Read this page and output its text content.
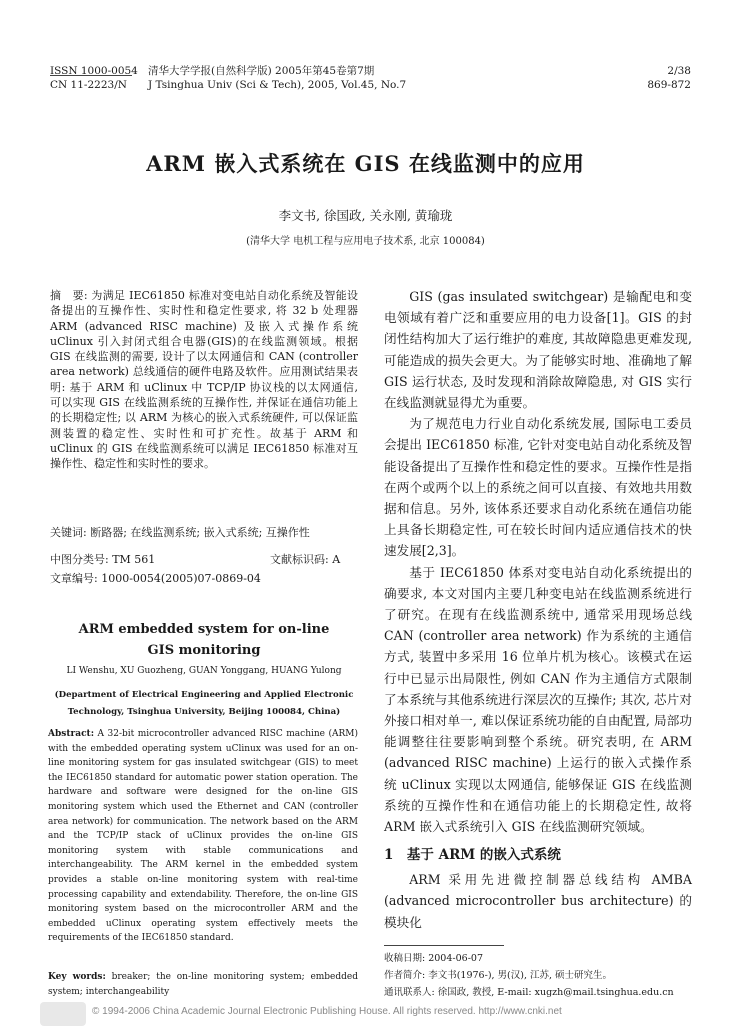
ISSN 1000-0054
CN 11-2223/N
清华大学学报(自然科学版) 2005年第45卷第7期
J Tsinghua Univ (Sci & Tech), 2005, Vol.45, No.7
2/38
869-872
ARM 嵌入式系统在 GIS 在线监测中的应用
李文书, 徐国政, 关永刚, 黄瑜珑
(清华大学 电机工程与应用电子技术系, 北京 100084)
摘　要: 为满足 IEC61850 标准对变电站自动化系统及智能设备提出的互操作性、实时性和稳定性要求, 将 32 b 处理器 ARM (advanced RISC machine) 及嵌入式操作系统 uClinux 引入封闭式组合电器(GIS)的在线监测领域。根据 GIS 在线监测的需要, 设计了以太网通信和 CAN (controller area network) 总线通信的硬件电路及软件。应用测试结果表明: 基于 ARM 和 uClinux 中 TCP/IP 协议栈的以太网通信, 可以实现 GIS 在线监测系统的互操作性, 并保证在通信功能上的长期稳定性; 以 ARM 为核心的嵌入式系统硬件, 可以保证监测装置的稳定性、实时性和可扩充性。故基于 ARM 和 uClinux 的 GIS 在线监测系统可以满足 IEC61850 标准对互操作性、稳定性和实时性的要求。
关键词: 断路器; 在线监测系统; 嵌入式系统; 互操作性
中图分类号: TM 561	文献标识码: A
文章编号: 1000-0054(2005)07-0869-04
ARM embedded system for on-line
GIS monitoring
LI Wenshu, XU Guozheng, GUAN Yonggang, HUANG Yulong
(Department of Electrical Engineering and Applied Electronic
Technology, Tsinghua University, Beijing 100084, China)
Abstract: A 32-bit microcontroller advanced RISC machine (ARM) with the embedded operating system uClinux was used for an on-line monitoring system for gas insulated switchgear (GIS) to meet the IEC61850 standard for automatic power station operation. The hardware and software were designed for the on-line GIS monitoring system which used the Ethernet and CAN (controller area network) for communication. The network based on the ARM and the TCP/IP stack of uClinux provides the on-line GIS monitoring system with stable communications and interchangeability. The ARM kernel in the embedded system provides a stable on-line monitoring system with real-time processing capability and extendability. Therefore, the on-line GIS monitoring system based on the microcontroller ARM and the embedded uClinux operating system effectively meets the requirements of the IEC61850 standard.
Key words: breaker; the on-line monitoring system; embedded system; interchangeability

GIS (gas insulated switchgear) 是输配电和变电领域有着广泛和重要应用的电力设备[1]。GIS 的封闭性结构加大了运行维护的难度, 其故障隐患更难发现, 可能造成的损失会更大。为了能够实时地、准确地了解 GIS 运行状态, 及时发现和消除故障隐患, 对 GIS 实行在线监测就显得尤为重要。

为了规范电力行业自动化系统发展, 国际电工委员会提出 IEC61850 标准, 它针对变电站自动化系统及智能设备提出了互操作性和稳定性的要求。互操作性是指在两个或两个以上的系统之间可以直接、有效地共用数据和信息。另外, 该体系还要求自动化系统在通信功能上具备长期稳定性, 可在较长时间内适应通信技术的快速发展[2,3]。

基于 IEC61850 体系对变电站自动化系统提出的确要求, 本文对国内主要几种变电站在线监测系统进行了研究。在现有在线监测系统中, 通常采用现场总线 CAN (controller area network) 作为系统的主通信方式, 装置中多采用 16 位单片机为核心。该模式在运行中已显示出局限性, 例如 CAN 作为主通信方式限制了本系统与其他系统进行深层次的互操作; 其次, 芯片对外接口相对单一, 难以保证系统功能的自由配置, 局部功能调整往往要影响到整个系统。研究表明, 在 ARM (advanced RISC machine) 上运行的嵌入式操作系统 uClinux 实现以太网通信, 能够保证 GIS 在线监测系统的互操作性和在通信功能上的长期稳定性, 故将 ARM 嵌入式系统引入 GIS 在线监测研究领域。

1　基于 ARM 的嵌入式系统

ARM 采用先进微控制器总线结构 AMBA (advanced microcontroller bus architecture) 的模块化

收稿日期: 2004-06-07
作者简介: 李文书(1976-), 男(汉), 江苏, 硕士研究生。
通讯联系人: 徐国政, 教授, E-mail: xugzh@mail.tsinghua.edu.cn
© 1994-2006 China Academic Journal Electronic Publishing House. All rights reserved. http://www.cnki.net
